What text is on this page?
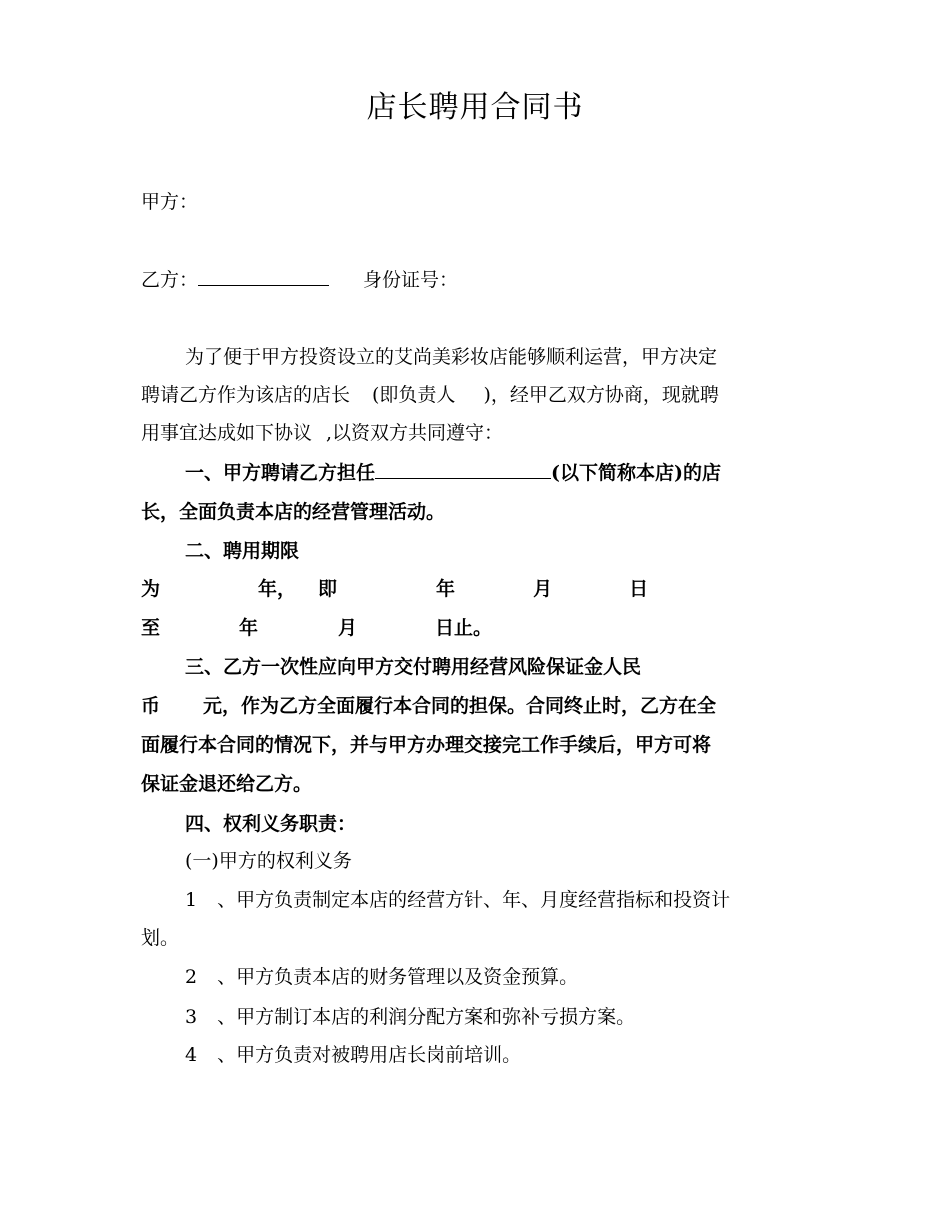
店长聘用合同书
甲方：
乙方：	身份证号：
为了便于甲方投资设立的艾尚美彩妆店能够顺利运营，甲方决定
聘请乙方作为该店的店长 (即负责人 )，经甲乙双方协商，现就聘
用事宜达成如下协议 ,以资双方共同遵守：
一、甲方聘请乙方担任	(以下简称本店)的店
长，全面负责本店的经营管理活动。
二、聘用期限
为	年， 即	年	月	日
至	年	月	日止。
三、乙方一次性应向甲方交付聘用经营风险保证金人民
币 元，作为乙方全面履行本合同的担保。合同终止时，乙方在全
面履行本合同的情况下，并与甲方办理交接完工作手续后，甲方可将
保证金退还给乙方。
四、权利义务职责：
(一)甲方的权利义务
1 、甲方负责制定本店的经营方针、年、月度经营指标和投资计
划。
2 、甲方负责本店的财务管理以及资金预算。
3 、甲方制订本店的利润分配方案和弥补亏损方案。
4 、甲方负责对被聘用店长岗前培训。
